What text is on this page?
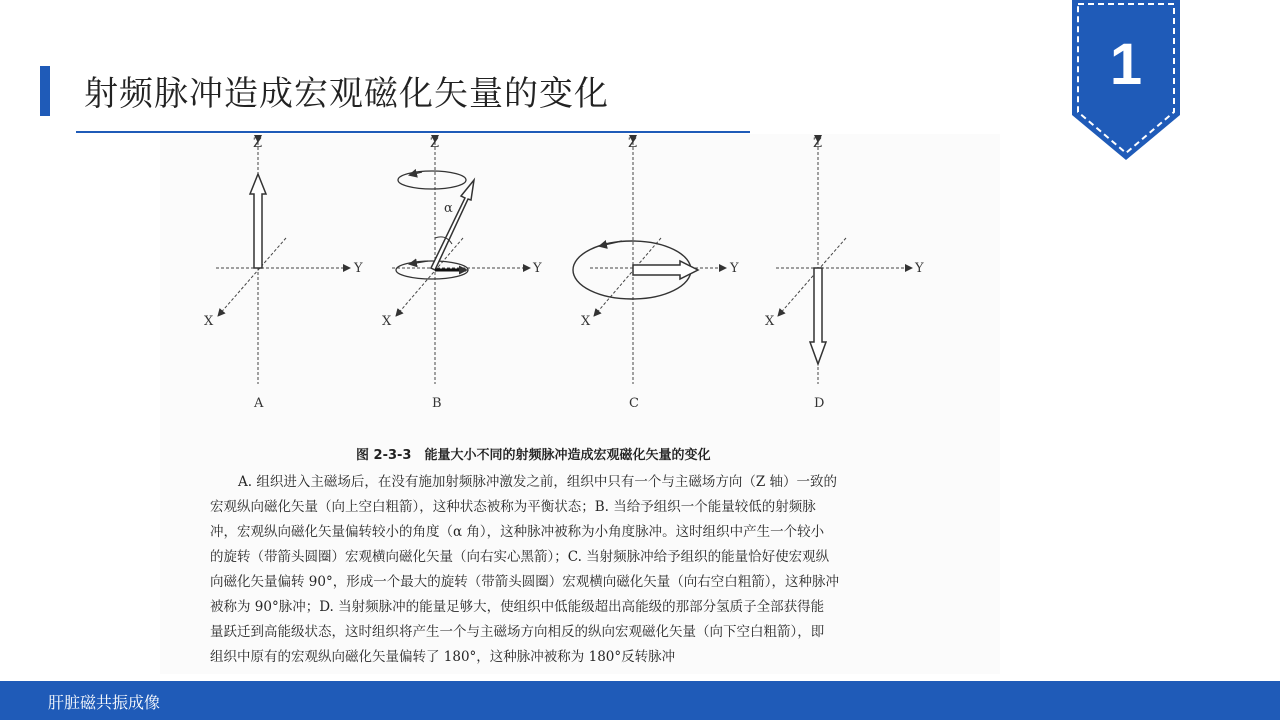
射频脉冲造成宏观磁化矢量的变化	1
Z
Y
X
A
Z
Y
X
α
B
Z
Y
X
C
Z
Y
X
D
图 2-3-3　能量大小不同的射频脉冲造成宏观磁化矢量的变化
A. 组织进入主磁场后，在没有施加射频脉冲激发之前，组织中只有一个与主磁场方向（Z 轴）一致的
宏观纵向磁化矢量（向上空白粗箭），这种状态被称为平衡状态；B. 当给予组织一个能量较低的射频脉
冲，宏观纵向磁化矢量偏转较小的角度（α 角），这种脉冲被称为小角度脉冲。这时组织中产生一个较小
的旋转（带箭头圆圈）宏观横向磁化矢量（向右实心黑箭）；C. 当射频脉冲给予组织的能量恰好使宏观纵
向磁化矢量偏转 90°，形成一个最大的旋转（带箭头圆圈）宏观横向磁化矢量（向右空白粗箭），这种脉冲
被称为 90°脉冲；D. 当射频脉冲的能量足够大，使组织中低能级超出高能级的那部分氢质子全部获得能
量跃迁到高能级状态，这时组织将产生一个与主磁场方向相反的纵向宏观磁化矢量（向下空白粗箭），即
组织中原有的宏观纵向磁化矢量偏转了 180°，这种脉冲被称为 180°反转脉冲
肝脏磁共振成像
